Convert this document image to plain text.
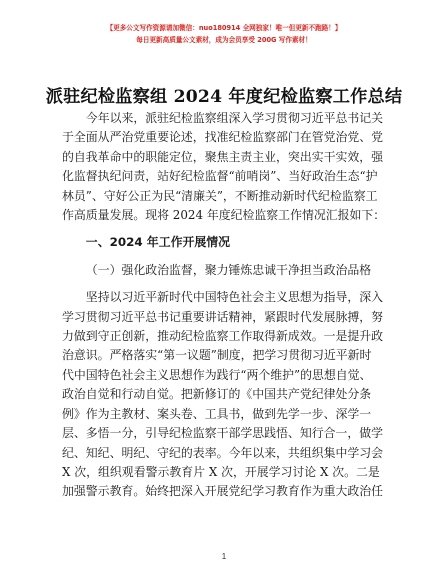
【更多公文写作资源请加微信：nuo180914 全网独家！唯一但更新不跑路！】
每日更新高质量公文素材，成为会员享受 200G 写作素材！
派驻纪检监察组 2024 年度纪检监察工作总结
今年以来，派驻纪检监察组深入学习贯彻习近平总书记关
于全面从严治党重要论述，找准纪检监察部门在管党治党、党
的自我革命中的职能定位，聚焦主责主业，突出实干实效，强
化监督执纪问责，站好纪检监督“前哨岗”、当好政治生态“护
林员”、守好公正为民“清廉关”，不断推动新时代纪检监察工
作高质量发展。现将 2024 年度纪检监察工作情况汇报如下：
一、2024 年工作开展情况
（一）强化政治监督，聚力锤炼忠诚干净担当政治品格
坚持以习近平新时代中国特色社会主义思想为指导，深入
学习贯彻习近平总书记重要讲话精神，紧跟时代发展脉搏，努
力做到守正创新，推动纪检监察工作取得新成效。一是提升政
治意识。严格落实“第一议题”制度，把学习贯彻习近平新时
代中国特色社会主义思想作为践行“两个维护”的思想自觉、
政治自觉和行动自觉。把新修订的《中国共产党纪律处分条
例》作为主教材、案头卷、工具书，做到先学一步、深学一
层、多悟一分，引导纪检监察干部学思践悟、知行合一，做学
纪、知纪、明纪、守纪的表率。今年以来，共组织集中学习会
X 次，组织观看警示教育片 X 次，开展学习讨论 X 次。二是
加强警示教育。始终把深入开展党纪学习教育作为重大政治任
1
